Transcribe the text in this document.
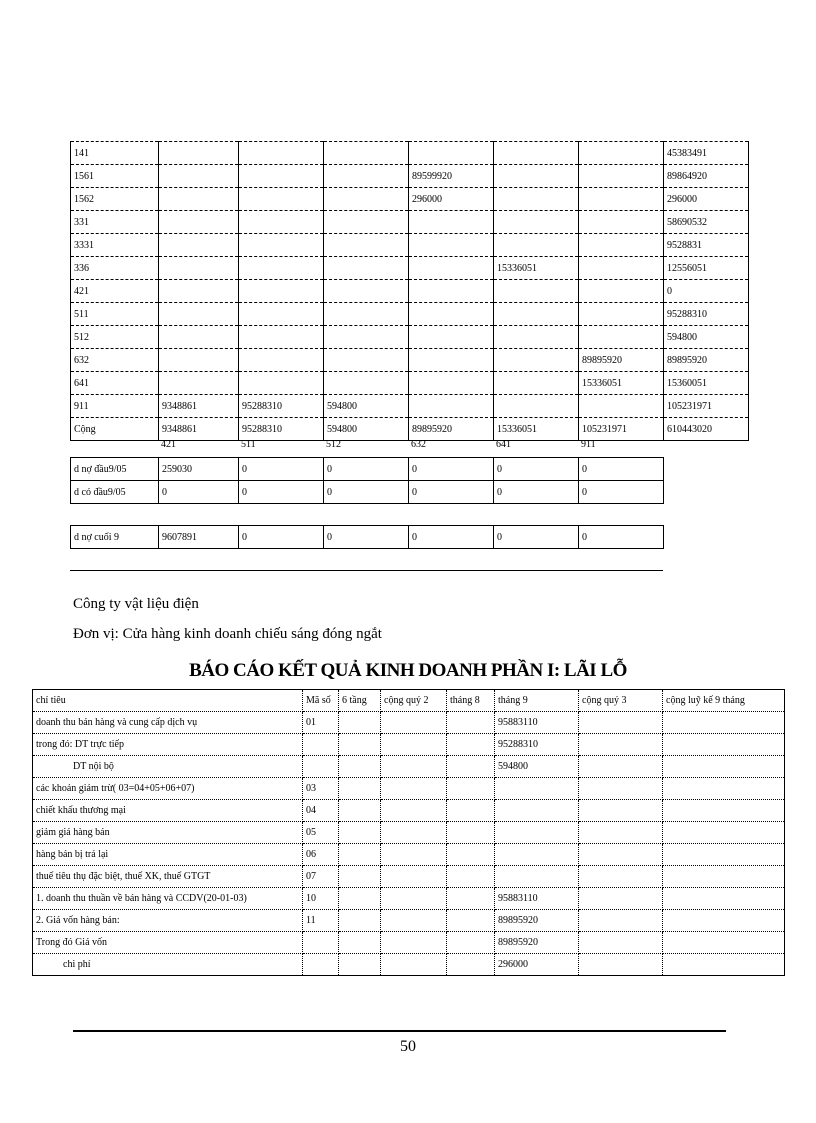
141							45383491
1561				89599920			89864920
1562				296000			296000
331							58690532
3331							9528831
336					15336051		12556051
421							0
511							95288310
512							594800
632						89895920	89895920
641						15336051	15360051
911	9348861	95288310	594800				105231971
Cộng	9348861	95288310	594800	89895920	15336051	105231971	610443020
	421	511	512	632	641	911
d nợ đầu9/05	259030	0	0	0	0	0
d có đầu9/05	0	0	0	0	0	0
d nợ cuối 9	9607891	0	0	0	0	0
Công ty vật liệu điện
Đơn vị: Cửa hàng kinh doanh chiếu sáng đóng ngắt
BÁO CÁO KẾT QUẢ KINH DOANH PHẦN I: LÃI LỖ
chỉ tiêu	Mã số	6 tầng	cộng quý 2	tháng 8	tháng 9	cộng quý 3	cộng luỹ kế 9 tháng
doanh thu bán hàng và cung cấp dịch vụ	01				95883110		
trong đó: DT trực tiếp					95288310		
DT nội bộ					594800		
các khoản giảm trừ( 03=04+05+06+07)	03						
chiết khấu thương mại	04						
giảm giá hàng bán	05						
hàng bán bị trả lại	06						
thuế tiêu thụ đặc biệt, thuế XK, thuế GTGT	07						
1. doanh thu thuần về bán hàng và CCDV(20-01-03)	10				95883110		
2. Giá vốn hàng bán:	11				89895920		
Trong đó Giá vốn					89895920		
chi phí					296000		
50
